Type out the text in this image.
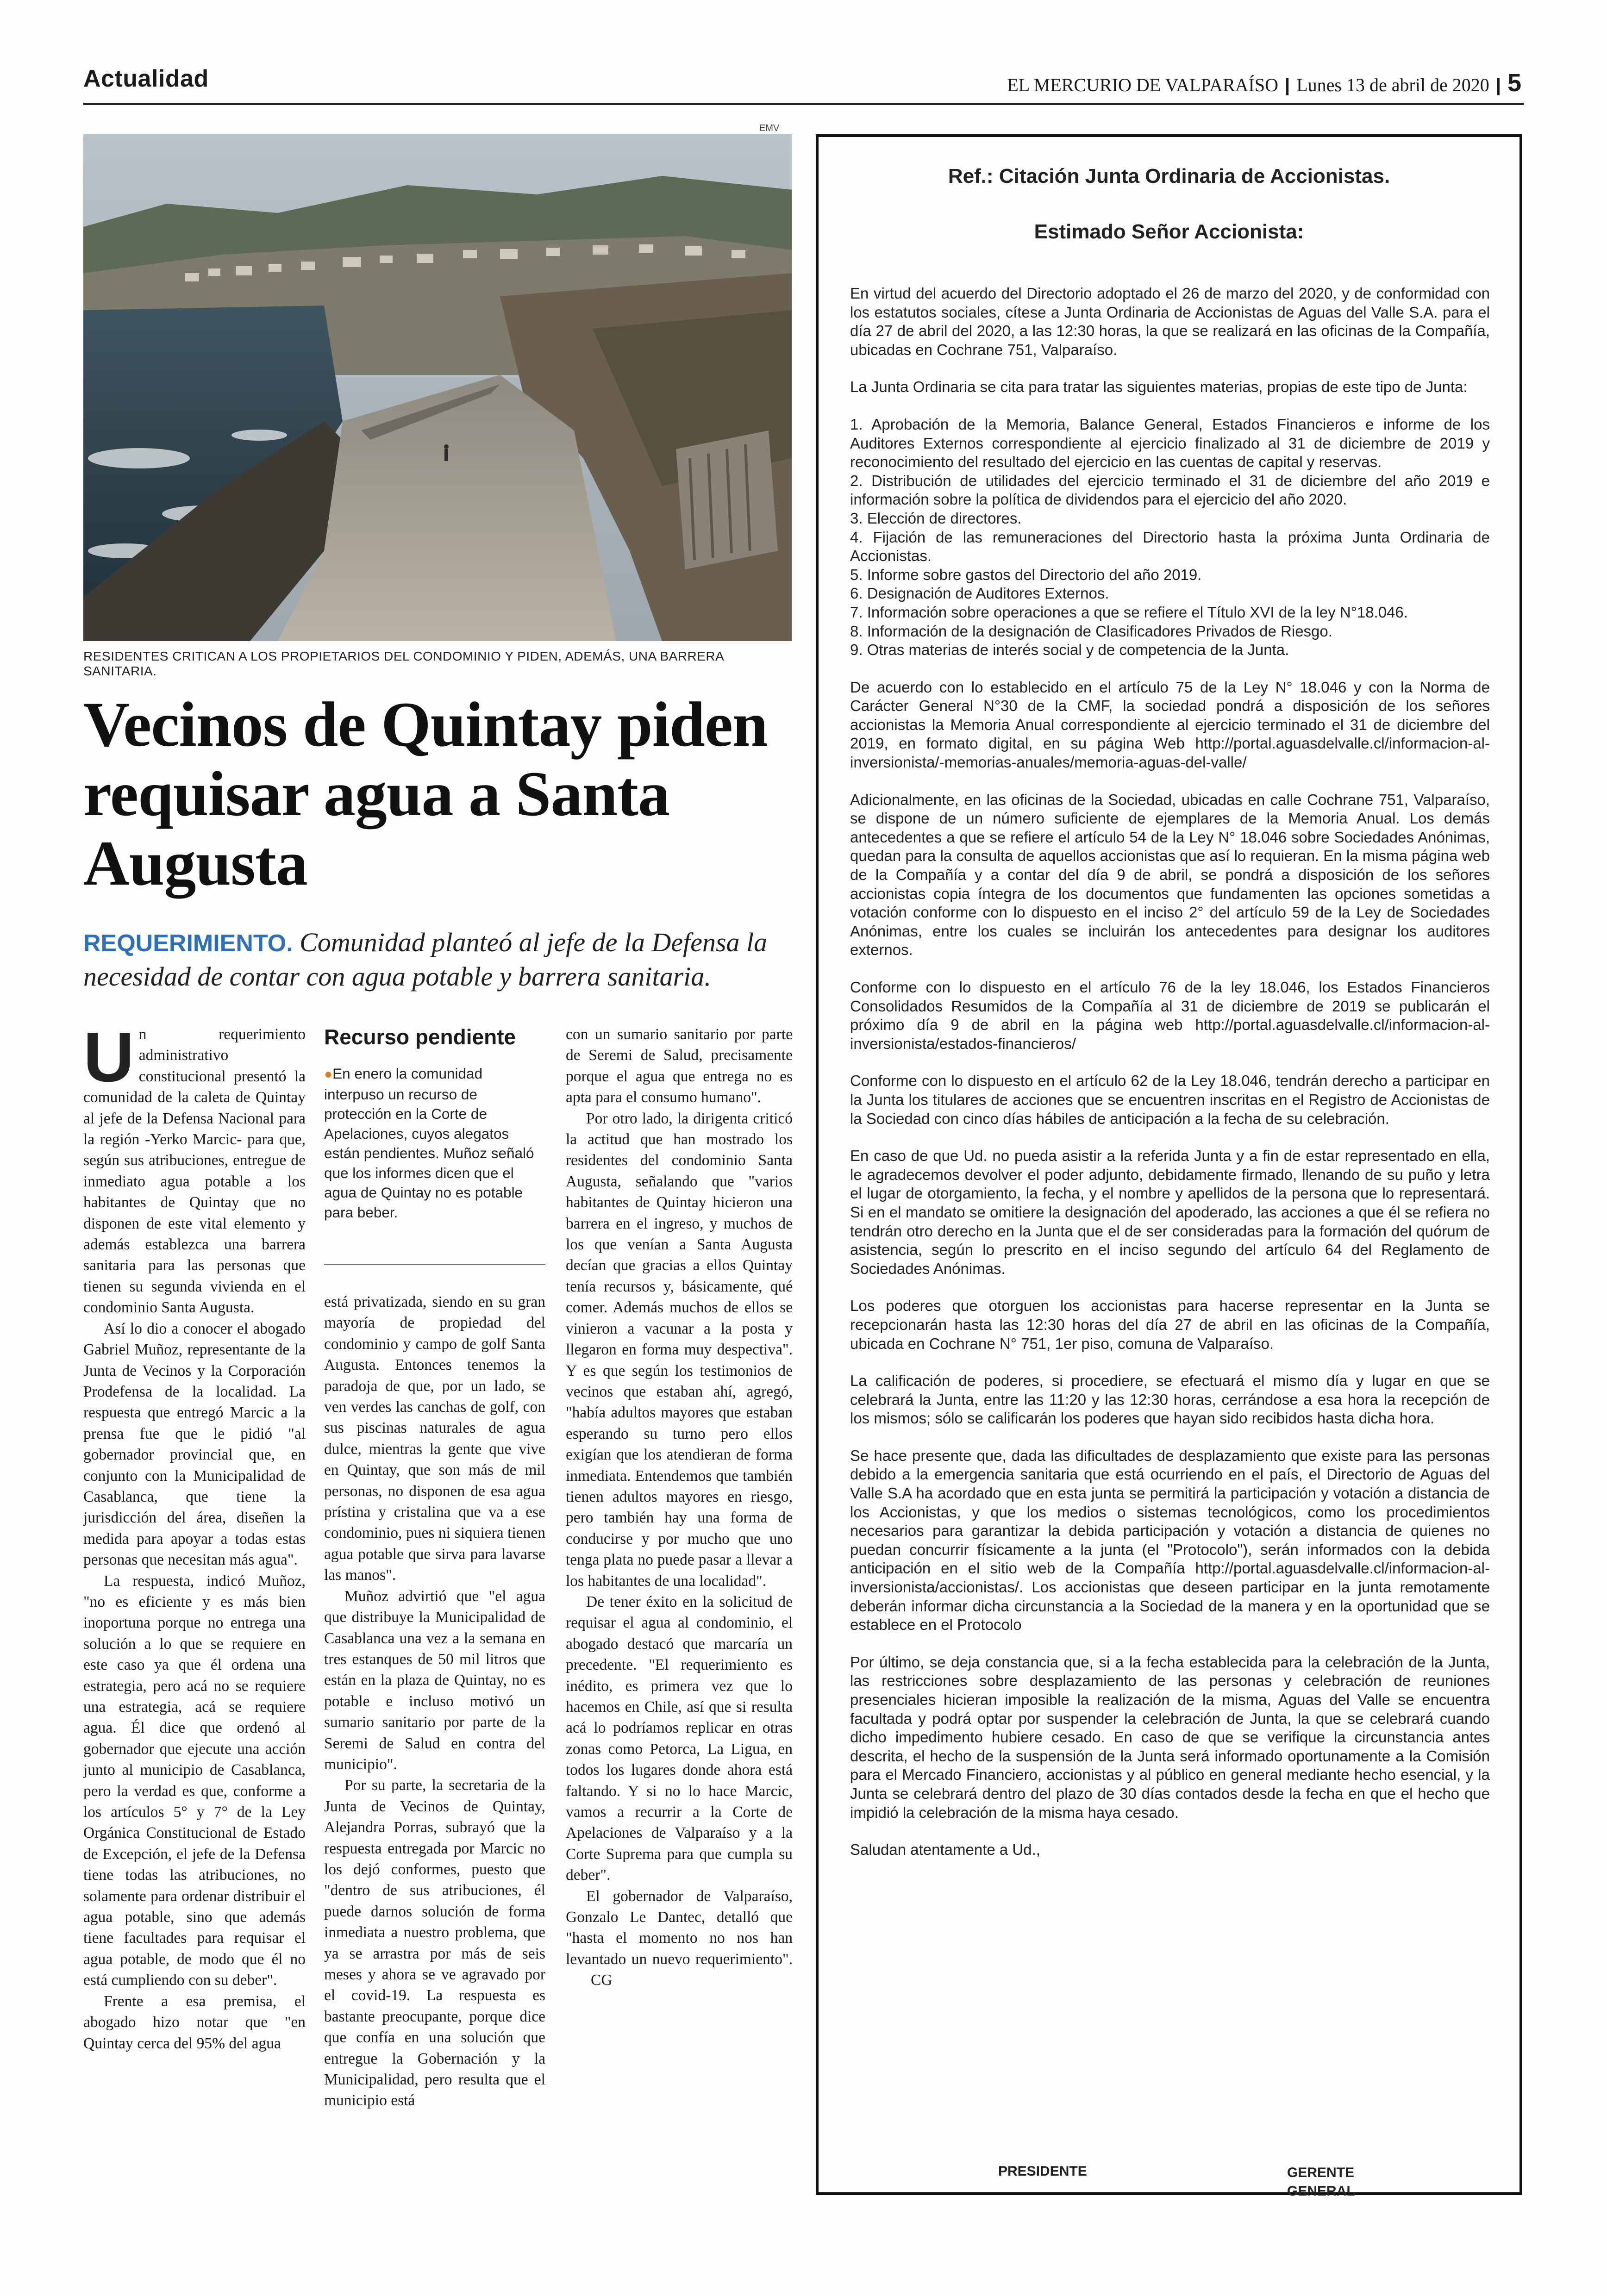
Actualidad	EL MERCURIO DE VALPARAÍSO | Lunes 13 de abril de 2020 | 5
EMV
RESIDENTES CRITICAN A LOS PROPIETARIOS DEL CONDOMINIO Y PIDEN, ADEMÁS, UNA BARRERA SANITARIA.
Vecinos de Quintay piden requisar agua a Santa Augusta
REQUERIMIENTO. Comunidad planteó al jefe de la Defensa la necesidad de contar con agua potable y barrera sanitaria.

Un requerimiento administrativo constitucional presentó la comunidad de la caleta de Quintay al jefe de la Defensa Nacional para la región -Yerko Marcic- para que, según sus atribuciones, entregue de inmediato agua potable a los habitantes de Quintay que no disponen de este vital elemento y además establezca una barrera sanitaria para las personas que tienen su segunda vivienda en el condominio Santa Augusta.

Así lo dio a conocer el abogado Gabriel Muñoz, representante de la Junta de Vecinos y la Corporación Prodefensa de la localidad. La respuesta que entregó Marcic a la prensa fue que le pidió "al gobernador provincial que, en conjunto con la Municipalidad de Casablanca, que tiene la jurisdicción del área, diseñen la medida para apoyar a todas estas personas que necesitan más agua".

La respuesta, indicó Muñoz, "no es eficiente y es más bien inoportuna porque no entrega una solución a lo que se requiere en este caso ya que él ordena una estrategia, pero acá no se requiere una estrategia, acá se requiere agua. Él dice que ordenó al gobernador que ejecute una acción junto al municipio de Casablanca, pero la verdad es que, conforme a los artículos 5° y 7° de la Ley Orgánica Constitucional de Estado de Excepción, el jefe de la Defensa tiene todas las atribuciones, no solamente para ordenar distribuir el agua potable, sino que además tiene facultades para requisar el agua potable, de modo que él no está cumpliendo con su deber".

Frente a esa premisa, el abogado hizo notar que "en Quintay cerca del 95% del agua

Recurso pendiente
●En enero la comunidad interpuso un recurso de protección en la Corte de Apelaciones, cuyos alegatos están pendientes. Muñoz señaló que los informes dicen que el agua de Quintay no es potable para beber.

está privatizada, siendo en su gran mayoría de propiedad del condominio y campo de golf Santa Augusta. Entonces tenemos la paradoja de que, por un lado, se ven verdes las canchas de golf, con sus piscinas naturales de agua dulce, mientras la gente que vive en Quintay, que son más de mil personas, no disponen de esa agua prístina y cristalina que va a ese condominio, pues ni siquiera tienen agua potable que sirva para lavarse las manos".

Muñoz advirtió que "el agua que distribuye la Municipalidad de Casablanca una vez a la semana en tres estanques de 50 mil litros que están en la plaza de Quintay, no es potable e incluso motivó un sumario sanitario por parte de la Seremi de Salud en contra del municipio".

Por su parte, la secretaria de la Junta de Vecinos de Quintay, Alejandra Porras, subrayó que la respuesta entregada por Marcic no los dejó conformes, puesto que "dentro de sus atribuciones, él puede darnos solución de forma inmediata a nuestro problema, que ya se arrastra por más de seis meses y ahora se ve agravado por el covid-19. La respuesta es bastante preocupante, porque dice que confía en una solución que entregue la Gobernación y la Municipalidad, pero resulta que el municipio está

con un sumario sanitario por parte de Seremi de Salud, precisamente porque el agua que entrega no es apta para el consumo humano".

Por otro lado, la dirigenta criticó la actitud que han mostrado los residentes del condominio Santa Augusta, señalando que "varios habitantes de Quintay hicieron una barrera en el ingreso, y muchos de los que venían a Santa Augusta decían que gracias a ellos Quintay tenía recursos y, básicamente, qué comer. Además muchos de ellos se vinieron a vacunar a la posta y llegaron en forma muy despectiva". Y es que según los testimonios de vecinos que estaban ahí, agregó, "había adultos mayores que estaban esperando su turno pero ellos exigían que los atendieran de forma inmediata. Entendemos que también tienen adultos mayores en riesgo, pero también hay una forma de conducirse y por mucho que uno tenga plata no puede pasar a llevar a los habitantes de una localidad".

De tener éxito en la solicitud de requisar el agua al condominio, el abogado destacó que marcaría un precedente. "El requerimiento es inédito, es primera vez que lo hacemos en Chile, así que si resulta acá lo podríamos replicar en otras zonas como Petorca, La Ligua, en todos los lugares donde ahora está faltando. Y si no lo hace Marcic, vamos a recurrir a la Corte de Apelaciones de Valparaíso y a la Corte Suprema para que cumpla su deber".

El gobernador de Valparaíso, Gonzalo Le Dantec, detalló que "hasta el momento no nos han levantado un nuevo requerimiento". CG

Ref.: Citación Junta Ordinaria de Accionistas.
Estimado Señor Accionista:

En virtud del acuerdo del Directorio adoptado el 26 de marzo del 2020, y de conformidad con los estatutos sociales, cítese a Junta Ordinaria de Accionistas de Aguas del Valle S.A. para el día 27 de abril del 2020, a las 12:30 horas, la que se realizará en las oficinas de la Compañía, ubicadas en Cochrane 751, Valparaíso.

La Junta Ordinaria se cita para tratar las siguientes materias, propias de este tipo de Junta:

1. Aprobación de la Memoria, Balance General, Estados Financieros e informe de los Auditores Externos correspondiente al ejercicio finalizado al 31 de diciembre de 2019 y reconocimiento del resultado del ejercicio en las cuentas de capital y reservas.
2. Distribución de utilidades del ejercicio terminado el 31 de diciembre del año 2019 e información sobre la política de dividendos para el ejercicio del año 2020.
3. Elección de directores.
4. Fijación de las remuneraciones del Directorio hasta la próxima Junta Ordinaria de Accionistas.
5. Informe sobre gastos del Directorio del año 2019.
6. Designación de Auditores Externos.
7. Información sobre operaciones a que se refiere el Título XVI de la ley N°18.046.
8. Información de la designación de Clasificadores Privados de Riesgo.
9. Otras materias de interés social y de competencia de la Junta.

De acuerdo con lo establecido en el artículo 75 de la Ley N° 18.046 y con la Norma de Carácter General N°30 de la CMF, la sociedad pondrá a disposición de los señores accionistas la Memoria Anual correspondiente al ejercicio terminado el 31 de diciembre del 2019, en formato digital, en su página Web http://portal.aguasdelvalle.cl/informacion-al-inversionista/-memorias-anuales/memoria-aguas-del-valle/

Adicionalmente, en las oficinas de la Sociedad, ubicadas en calle Cochrane 751, Valparaíso, se dispone de un número suficiente de ejemplares de la Memoria Anual. Los demás antecedentes a que se refiere el artículo 54 de la Ley N° 18.046 sobre Sociedades Anónimas, quedan para la consulta de aquellos accionistas que así lo requieran. En la misma página web de la Compañía y a contar del día 9 de abril, se pondrá a disposición de los señores accionistas copia íntegra de los documentos que fundamenten las opciones sometidas a votación conforme con lo dispuesto en el inciso 2° del artículo 59 de la Ley de Sociedades Anónimas, entre los cuales se incluirán los antecedentes para designar los auditores externos.

Conforme con lo dispuesto en el artículo 76 de la ley 18.046, los Estados Financieros Consolidados Resumidos de la Compañía al 31 de diciembre de 2019 se publicarán el próximo día 9 de abril en la página web http://portal.aguasdelvalle.cl/informacion-al-inversionista/estados-financieros/

Conforme con lo dispuesto en el artículo 62 de la Ley 18.046, tendrán derecho a participar en la Junta los titulares de acciones que se encuentren inscritas en el Registro de Accionistas de la Sociedad con cinco días hábiles de anticipación a la fecha de su celebración.

En caso de que Ud. no pueda asistir a la referida Junta y a fin de estar representado en ella, le agradecemos devolver el poder adjunto, debidamente firmado, llenando de su puño y letra el lugar de otorgamiento, la fecha, y el nombre y apellidos de la persona que lo representará. Si en el mandato se omitiere la designación del apoderado, las acciones a que él se refiera no tendrán otro derecho en la Junta que el de ser consideradas para la formación del quórum de asistencia, según lo prescrito en el inciso segundo del artículo 64 del Reglamento de Sociedades Anónimas.

Los poderes que otorguen los accionistas para hacerse representar en la Junta se recepcionarán hasta las 12:30 horas del día 27 de abril en las oficinas de la Compañía, ubicada en Cochrane N° 751, 1er piso, comuna de Valparaíso.

La calificación de poderes, si procediere, se efectuará el mismo día y lugar en que se celebrará la Junta, entre las 11:20 y las 12:30 horas, cerrándose a esa hora la recepción de los mismos; sólo se calificarán los poderes que hayan sido recibidos hasta dicha hora.

Se hace presente que, dada las dificultades de desplazamiento que existe para las personas debido a la emergencia sanitaria que está ocurriendo en el país, el Directorio de Aguas del Valle S.A ha acordado que en esta junta se permitirá la participación y votación a distancia de los Accionistas, y que los medios o sistemas tecnológicos, como los procedimientos necesarios para garantizar la debida participación y votación a distancia de quienes no puedan concurrir físicamente a la junta (el "Protocolo"), serán informados con la debida anticipación en el sitio web de la Compañía http://portal.aguasdelvalle.cl/informacion-al-inversionista/accionistas/. Los accionistas que deseen participar en la junta remotamente deberán informar dicha circunstancia a la Sociedad de la manera y en la oportunidad que se establece en el Protocolo

Por último, se deja constancia que, si a la fecha establecida para la celebración de la Junta, las restricciones sobre desplazamiento de las personas y celebración de reuniones presenciales hicieran imposible la realización de la misma, Aguas del Valle se encuentra facultada y podrá optar por suspender la celebración de Junta, la que se celebrará cuando dicho impedimento hubiere cesado. En caso de que se verifique la circunstancia antes descrita, el hecho de la suspensión de la Junta será informado oportunamente a la Comisión para el Mercado Financiero, accionistas y al público en general mediante hecho esencial, y la Junta se celebrará dentro del plazo de 30 días contados desde la fecha en que el hecho que impidió la celebración de la misma haya cesado.

Saludan atentamente a Ud.,

PRESIDENTE	GERENTE GENERAL
